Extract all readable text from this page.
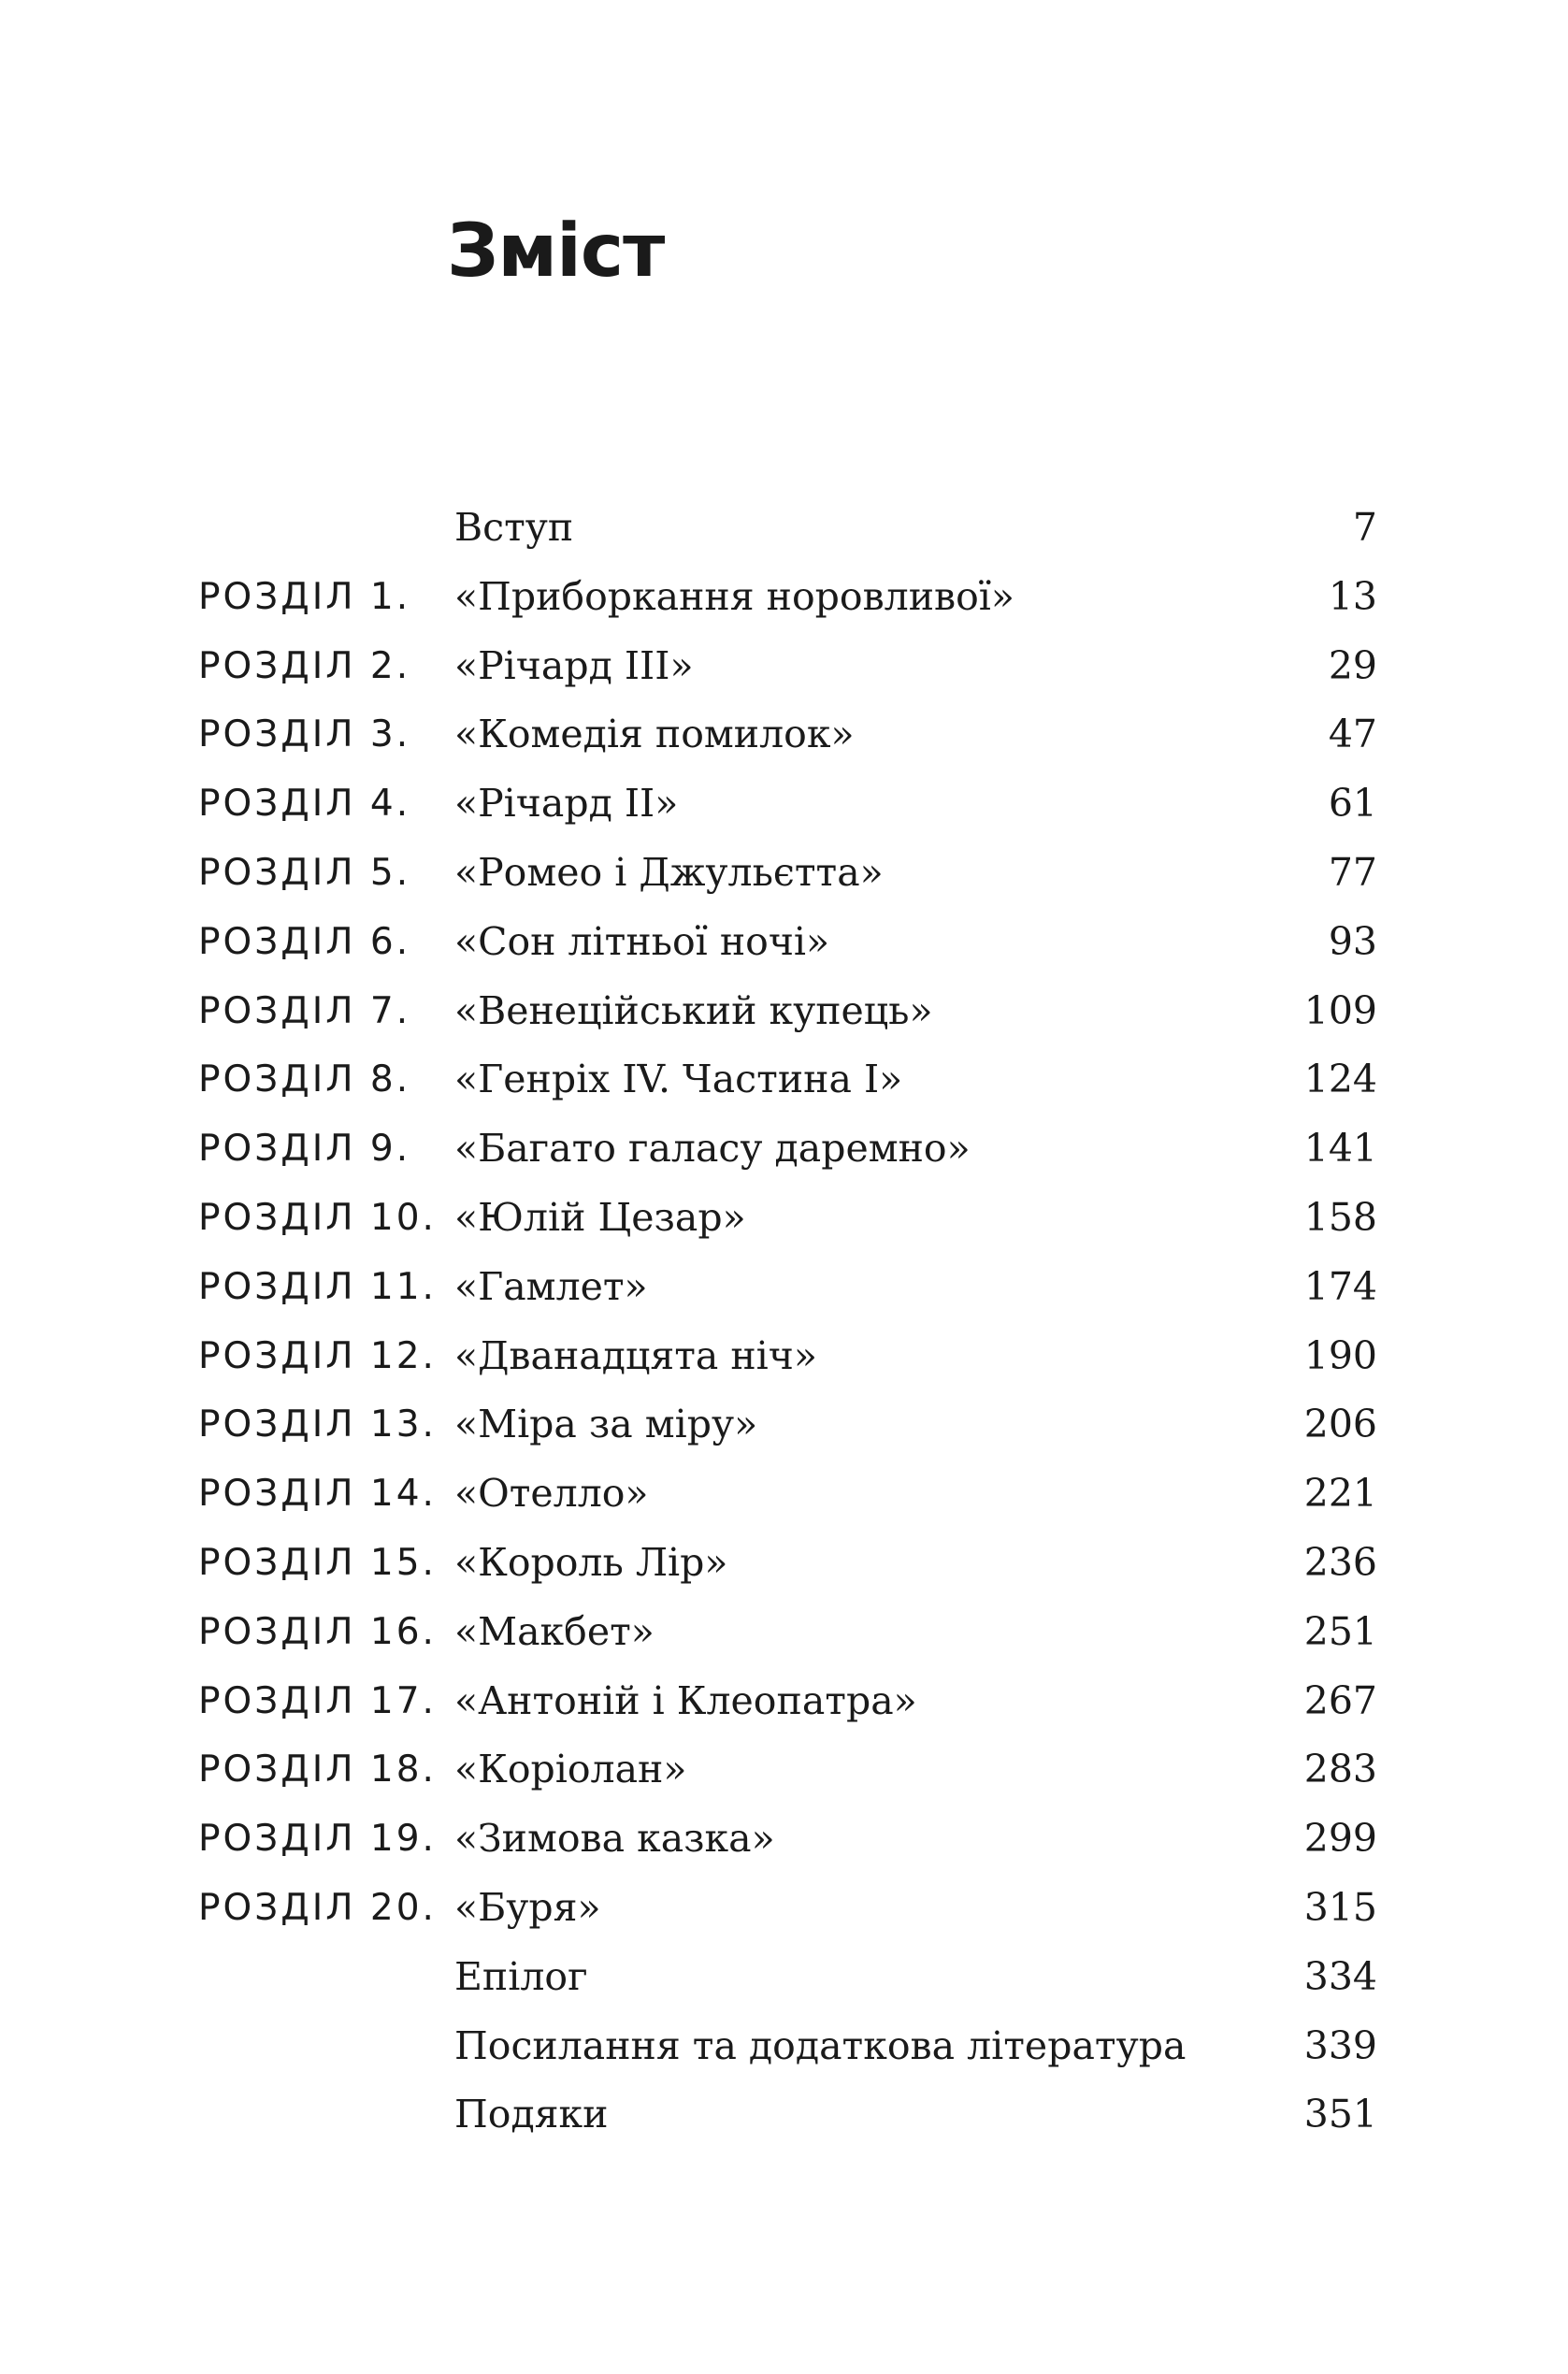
Зміст
Вступ	7
РОЗДІЛ 1. «Приборкання норовливої»	13
РОЗДІЛ 2. «Річард III»	29
РОЗДІЛ 3. «Комедія помилок»	47
РОЗДІЛ 4. «Річард II»	61
РОЗДІЛ 5. «Ромео і Джульєтта»	77
РОЗДІЛ 6. «Сон літньої ночі»	93
РОЗДІЛ 7. «Венеційський купець»	109
РОЗДІЛ 8. «Генріх IV. Частина I»	124
РОЗДІЛ 9. «Багато галасу даремно»	141
РОЗДІЛ 10. «Юлій Цезар»	158
РОЗДІЛ 11. «Гамлет»	174
РОЗДІЛ 12. «Дванадцята ніч»	190
РОЗДІЛ 13. «Міра за міру»	206
РОЗДІЛ 14. «Отелло»	221
РОЗДІЛ 15. «Король Лір»	236
РОЗДІЛ 16. «Макбет»	251
РОЗДІЛ 17. «Антоній і Клеопатра»	267
РОЗДІЛ 18. «Коріолан»	283
РОЗДІЛ 19. «Зимова казка»	299
РОЗДІЛ 20. «Буря»	315
Епілог	334
Посилання та додаткова література	339
Подяки	351
